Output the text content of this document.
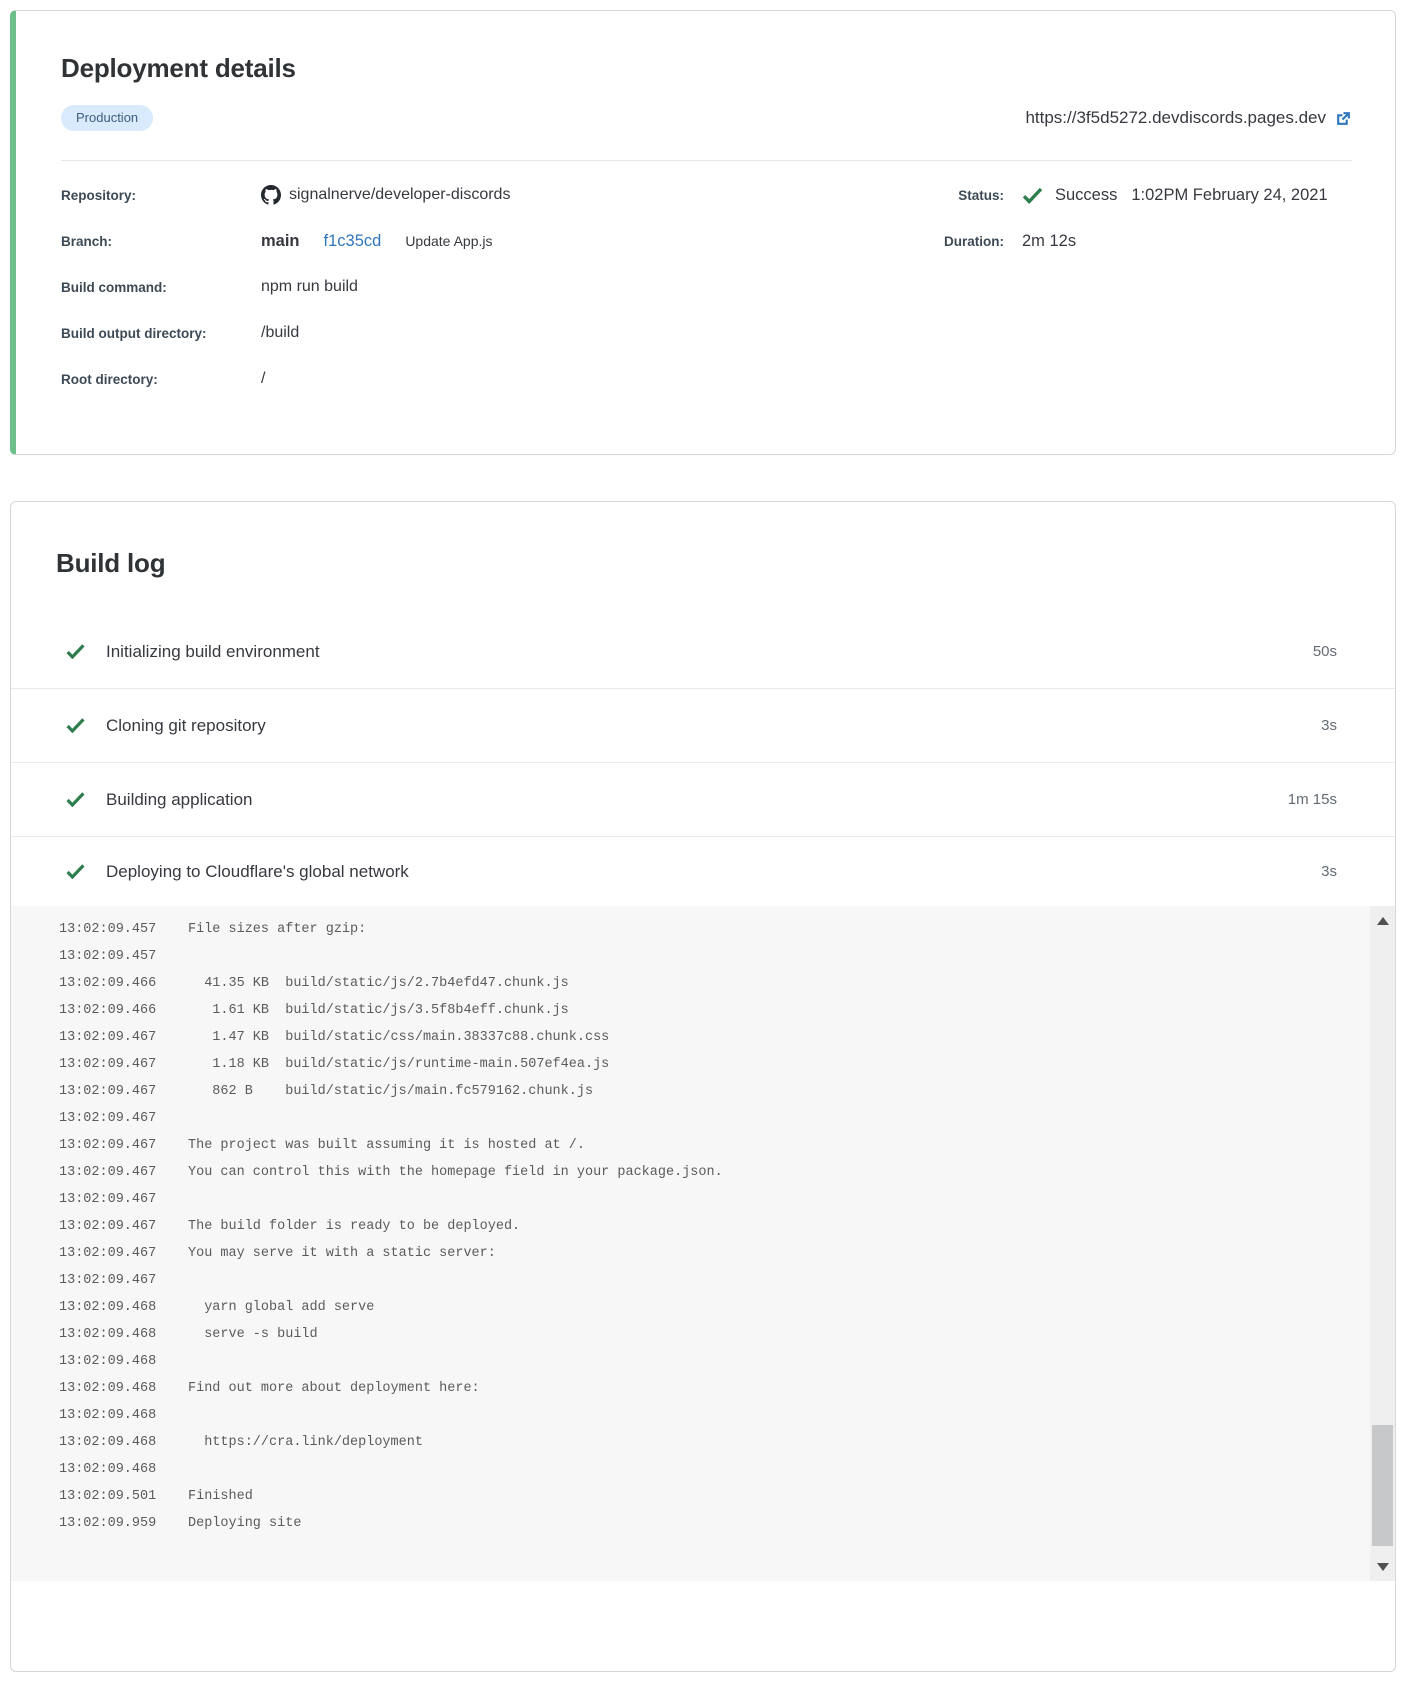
Deployment details
Production	https://3f5d5272.devdiscords.pages.dev
Repository:	signalnerve/developer-discords
Branch:	main f1c35cd Update App.js
Build command:	npm run build
Build output directory:	/build
Root directory:	/
Status:	Success 1:02PM February 24, 2021
Duration: 2m 12s
Build log
Initializing build environment	50s
Cloning git repository	3s
Building application	1m 15s
Deploying to Cloudflare's global network	3s
13:02:09.457 File sizes after gzip:
13:02:09.457
13:02:09.466  41.35 KB  build/static/js/2.7b4efd47.chunk.js
13:02:09.466   1.61 KB  build/static/js/3.5f8b4eff.chunk.js
13:02:09.467   1.47 KB  build/static/css/main.38337c88.chunk.css
13:02:09.467   1.18 KB  build/static/js/runtime-main.507ef4ea.js
13:02:09.467   862 B    build/static/js/main.fc579162.chunk.js
13:02:09.467
13:02:09.467 The project was built assuming it is hosted at /.
13:02:09.467 You can control this with the homepage field in your package.json.
13:02:09.467
13:02:09.467 The build folder is ready to be deployed.
13:02:09.467 You may serve it with a static server:
13:02:09.467
13:02:09.468  yarn global add serve
13:02:09.468  serve -s build
13:02:09.468
13:02:09.468 Find out more about deployment here:
13:02:09.468
13:02:09.468  https://cra.link/deployment
13:02:09.468
13:02:09.501 Finished
13:02:09.959 Deploying site
